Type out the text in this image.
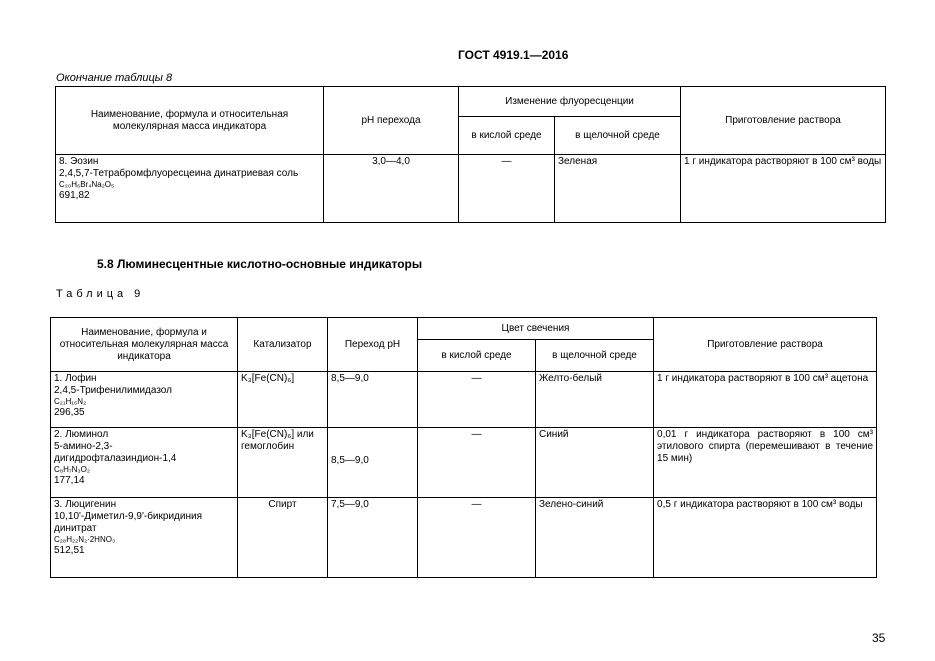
ГОСТ 4919.1—2016
Окончание таблицы 8
Наименование, формула и относительная молекулярная масса индикатора	pH перехода	Изменение флуоресценции		Приготовление раствора
		в кислой среде	в щелочной среде	

8. Эозин
2,4,5,7-Тетрабромфлуоресцеина динатриевая соль
C₂₀H₆Br₄Na₂O₅
691,82	3,0—4,0	—	Зеленая	1 г индикатора растворяют в 100 см³ воды
5.8 Люминесцентные кислотно-основные индикаторы
Таблица 9
Наименование, формула и относительная молекулярная масса индикатора	Катализатор	Переход pH	Цвет свечения		Приготовление раствора
			в кислой среде	в щелочной среде	

1. Лофин
2,4,5-Трифенилимидазол
C₂₁H₁₆N₂
296,35	K₃[Fe(CN)₆]	8,5—9,0	—	Желто-белый	1 г индикатора растворяют в 100 см³ ацетона

2. Люминол
5-амино-2,3-дигидрофталазиндион-1,4
C₈H₇N₃O₂
177,14	K₃[Fe(CN)₆] или гемоглобин	8,5—9,0	—	Синий	0,01 г индикатора растворяют в 100 см³ этилового спирта (перемешивают в течение 15 мин)

3. Люцигенин
10,10'-Диметил-9,9'-бикридиния динитрат
C₂₈H₂₂N₂·2HNO₃
512,51	Спирт	7,5—9,0	—	Зелено-синий	0,5 г индикатора растворяют в 100 см³ воды
35
